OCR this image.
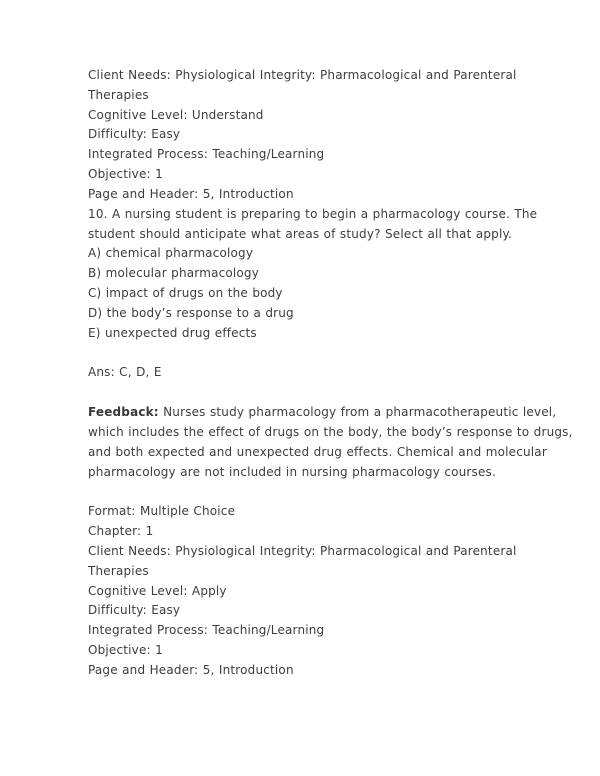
Client Needs: Physiological Integrity: Pharmacological and Parenteral
Therapies
Cognitive Level: Understand
Difficulty: Easy
Integrated Process: Teaching/Learning
Objective: 1
Page and Header: 5, Introduction
10. A nursing student is preparing to begin a pharmacology course. The
student should anticipate what areas of study? Select all that apply.
A) chemical pharmacology
B) molecular pharmacology
C) impact of drugs on the body
D) the body’s response to a drug
E) unexpected drug effects

Ans: C, D, E

Feedback: Nurses study pharmacology from a pharmacotherapeutic level,
which includes the effect of drugs on the body, the body’s response to drugs,
and both expected and unexpected drug effects. Chemical and molecular
pharmacology are not included in nursing pharmacology courses.

Format: Multiple Choice
Chapter: 1
Client Needs: Physiological Integrity: Pharmacological and Parenteral
Therapies
Cognitive Level: Apply
Difficulty: Easy
Integrated Process: Teaching/Learning
Objective: 1
Page and Header: 5, Introduction
